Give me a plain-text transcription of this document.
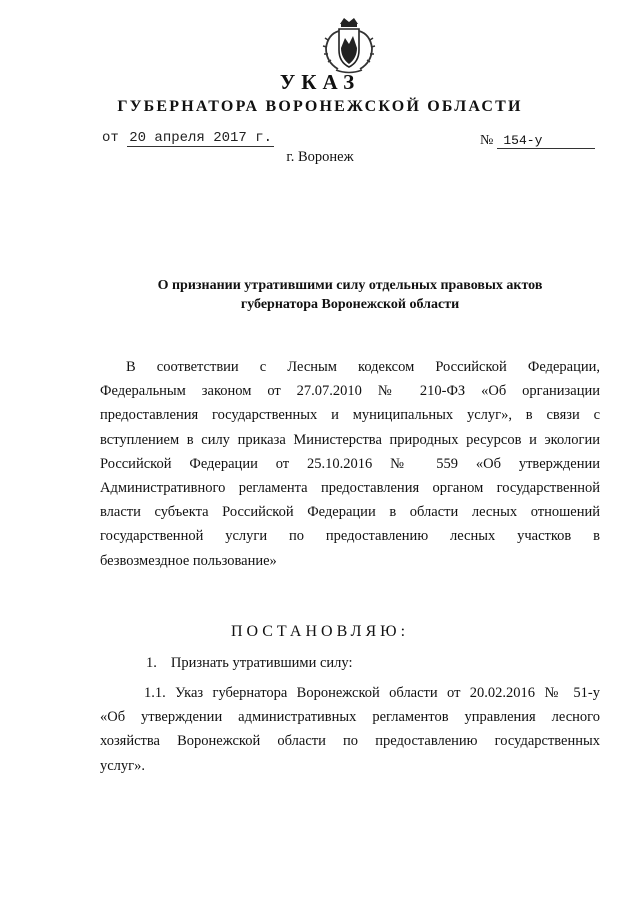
УКАЗ
ГУБЕРНАТОРА ВОРОНЕЖСКОЙ ОБЛАСТИ
от 20 апреля 2017 г.	№ 154-у
г. Воронеж
О признании утратившими силу отдельных правовых актов
губернатора Воронежской области
В соответствии с Лесным кодексом Российской Федерации,
Федеральным законом от 27.07.2010 № 210-ФЗ «Об организации
предоставления государственных и муниципальных услуг», в связи с
вступлением в силу приказа Министерства природных ресурсов и экологии
Российской Федерации от 25.10.2016 № 559 «Об утверждении
Административного регламента предоставления органом государственной
власти субъекта Российской Федерации в области лесных отношений
государственной услуги по предоставлению лесных участков в
безвозмездное пользование»
ПОСТАНОВЛЯЮ:
1. Признать утратившими силу:
1.1. Указ губернатора Воронежской области от 20.02.2016 № 51-у
«Об утверждении административных регламентов управления лесного
хозяйства Воронежской области по предоставлению государственных
услуг».
